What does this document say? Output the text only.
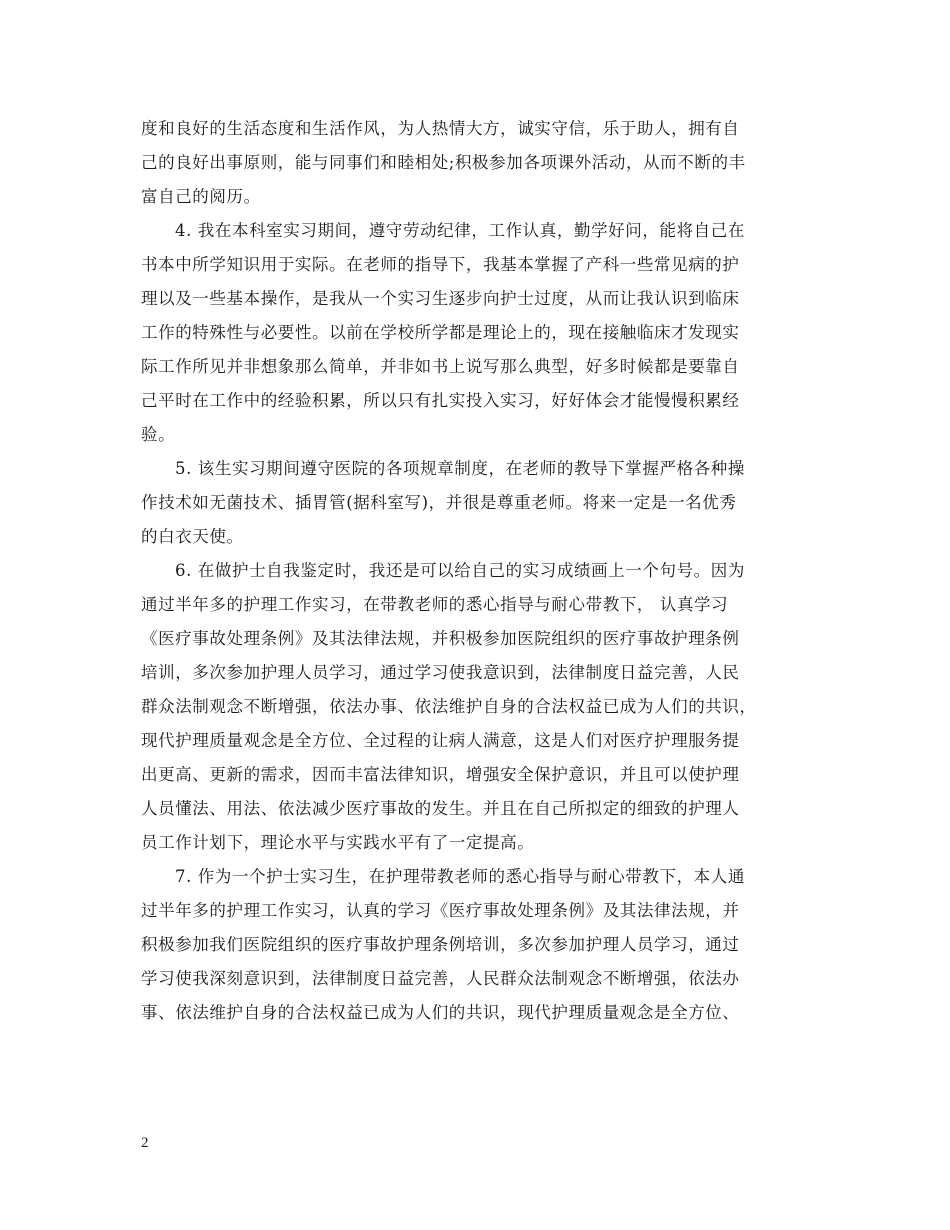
度和良好的生活态度和生活作风，为人热情大方，诚实守信，乐于助人，拥有自
己的良好出事原则，能与同事们和睦相处;积极参加各项课外活动，从而不断的丰
富自己的阅历。
4. 我在本科室实习期间，遵守劳动纪律，工作认真，勤学好问，能将自己在
书本中所学知识用于实际。在老师的指导下，我基本掌握了产科一些常见病的护
理以及一些基本操作，是我从一个实习生逐步向护士过度，从而让我认识到临床
工作的特殊性与必要性。以前在学校所学都是理论上的，现在接触临床才发现实
际工作所见并非想象那么简单，并非如书上说写那么典型，好多时候都是要靠自
己平时在工作中的经验积累，所以只有扎实投入实习，好好体会才能慢慢积累经
验。
5. 该生实习期间遵守医院的各项规章制度，在老师的教导下掌握严格各种操
作技术如无菌技术、插胃管(据科室写)，并很是尊重老师。将来一定是一名优秀
的白衣天使。
6. 在做护士自我鉴定时，我还是可以给自己的实习成绩画上一个句号。因为
通过半年多的护理工作实习，在带教老师的悉心指导与耐心带教下， 认真学习
《医疗事故处理条例》及其法律法规，并积极参加医院组织的医疗事故护理条例
培训，多次参加护理人员学习，通过学习使我意识到，法律制度日益完善，人民
群众法制观念不断增强，依法办事、依法维护自身的合法权益已成为人们的共识，
现代护理质量观念是全方位、全过程的让病人满意，这是人们对医疗护理服务提
出更高、更新的需求，因而丰富法律知识，增强安全保护意识，并且可以使护理
人员懂法、用法、依法减少医疗事故的发生。并且在自己所拟定的细致的护理人
员工作计划下，理论水平与实践水平有了一定提高。
7. 作为一个护士实习生，在护理带教老师的悉心指导与耐心带教下，本人通
过半年多的护理工作实习，认真的学习《医疗事故处理条例》及其法律法规，并
积极参加我们医院组织的医疗事故护理条例培训，多次参加护理人员学习，通过
学习使我深刻意识到，法律制度日益完善，人民群众法制观念不断增强，依法办
事、依法维护自身的合法权益已成为人们的共识，现代护理质量观念是全方位、
2
